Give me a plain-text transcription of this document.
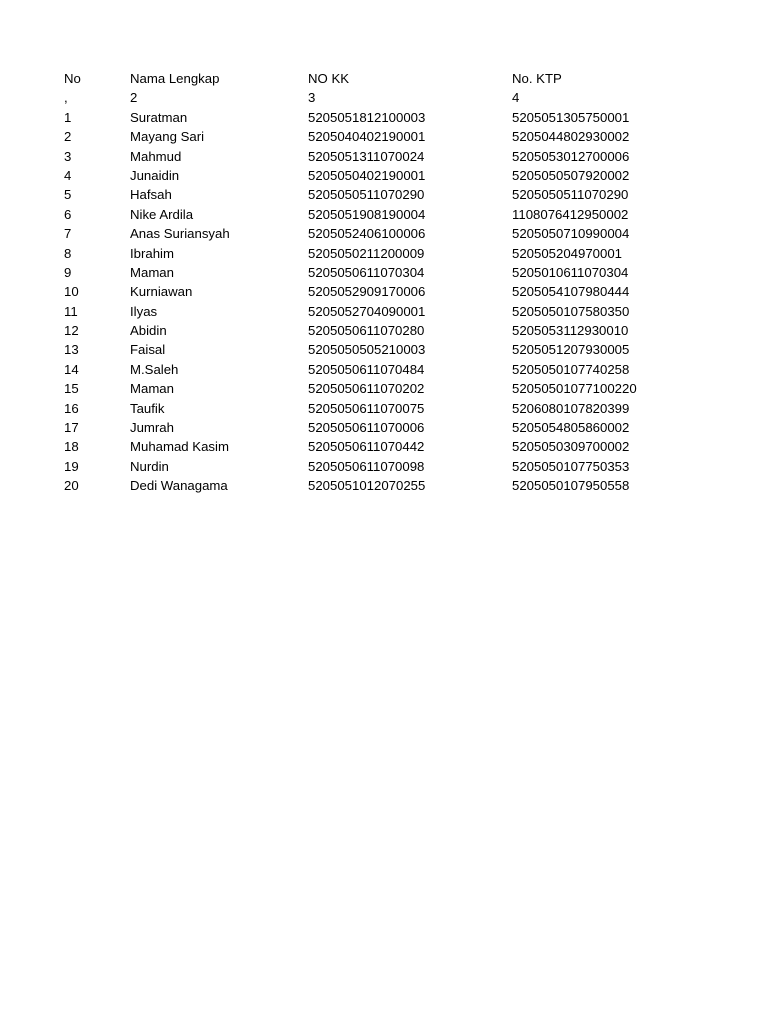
No	Nama Lengkap	NO KK	No. KTP
,	2	3	4
1	Suratman	5205051812100003	5205051305750001
2	Mayang Sari	5205040402190001	5205044802930002
3	Mahmud	5205051311070024	5205053012700006
4	Junaidin	5205050402190001	5205050507920002
5	Hafsah	5205050511070290	5205050511070290
6	Nike Ardila	5205051908190004	1108076412950002
7	Anas Suriansyah	5205052406100006	5205050710990004
8	Ibrahim	5205050211200009	520505204970001
9	Maman	5205050611070304	5205010611070304
10	Kurniawan	5205052909170006	5205054107980444
11	Ilyas	5205052704090001	5205050107580350
12	Abidin	5205050611070280	5205053112930010
13	Faisal	5205050505210003	5205051207930005
14	M.Saleh	5205050611070484	5205050107740258
15	Maman	5205050611070202	52050501077100220
16	Taufik	5205050611070075	5206080107820399
17	Jumrah	5205050611070006	5205054805860002
18	Muhamad Kasim	5205050611070442	5205050309700002
19	Nurdin	5205050611070098	5205050107750353
20	Dedi Wanagama	5205051012070255	5205050107950558
